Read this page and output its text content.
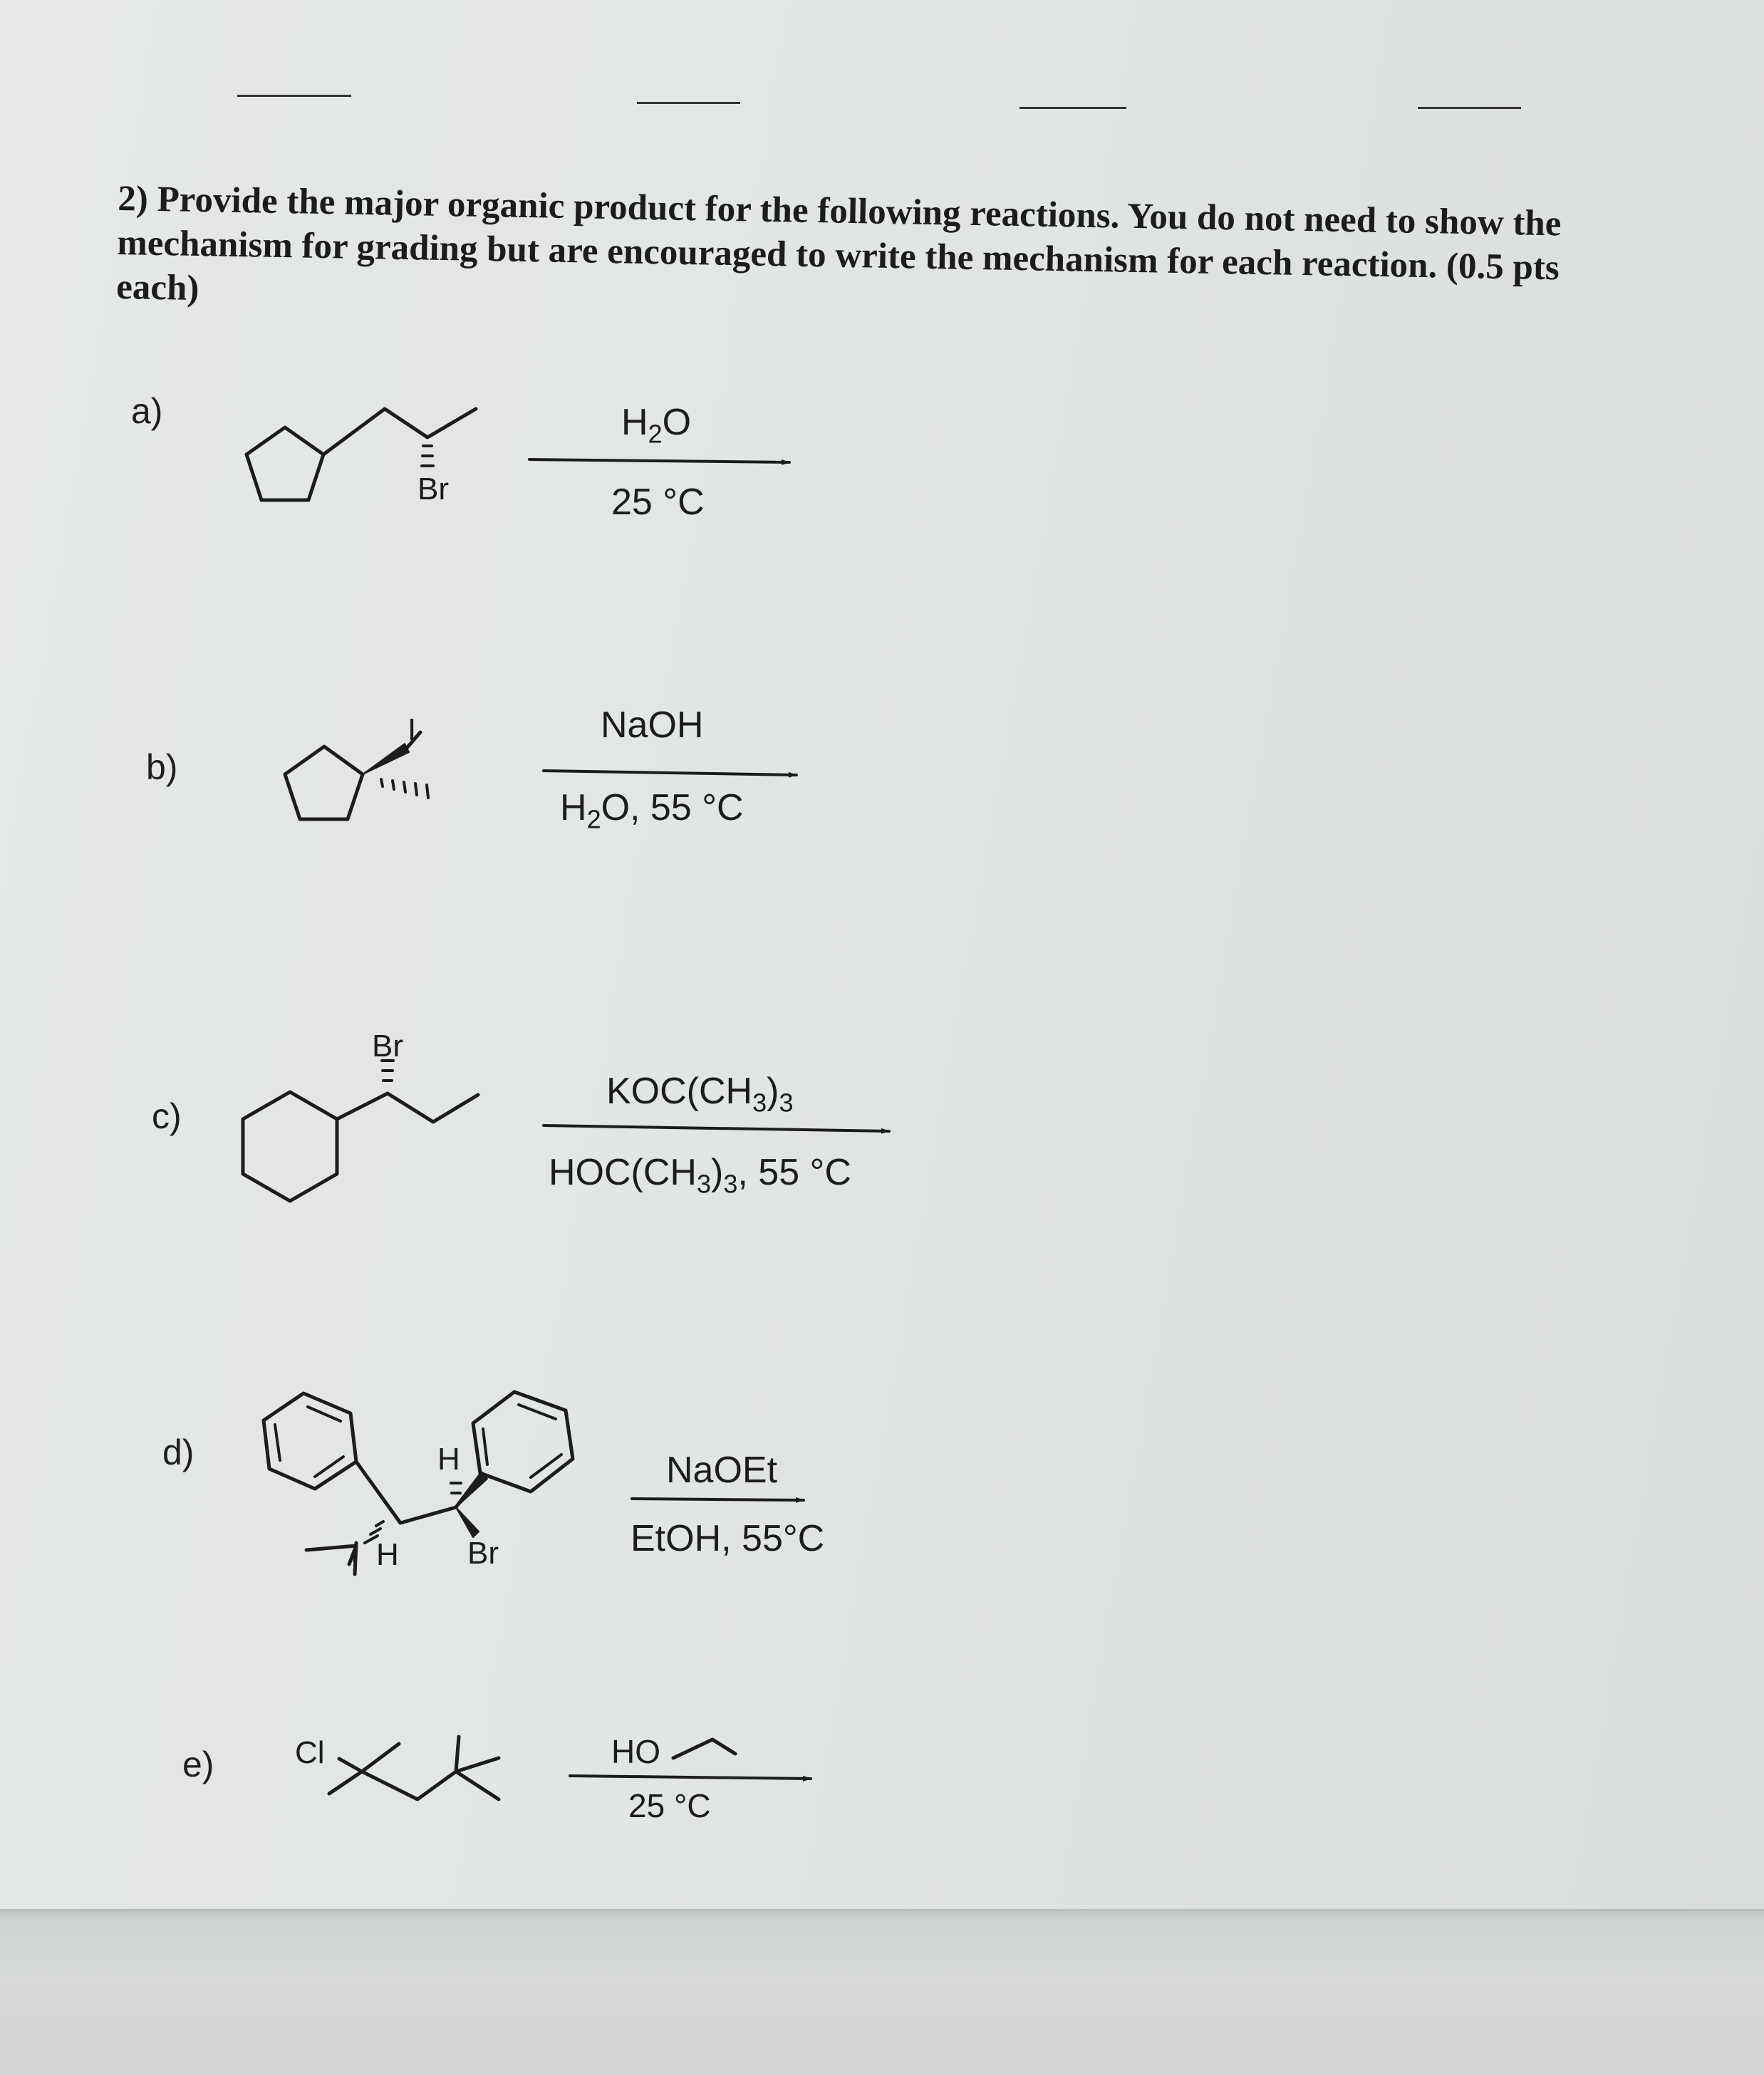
2) Provide the major organic product for the following reactions. You do not need to show the mechanism for grading but are encouraged to write the mechanism for each reaction. (0.5 pts each)
a)
b)
c)
d)
e)
Br
I
Br
H
H Br
Cl
$H_2O$
25 °C
NaOH
$H_2O$, 55 °C
$KOC(CH_3)_3$
$HOC(CH_3)_3$, 55 °C
NaOEt
EtOH, 55°C
HO
25 °C
